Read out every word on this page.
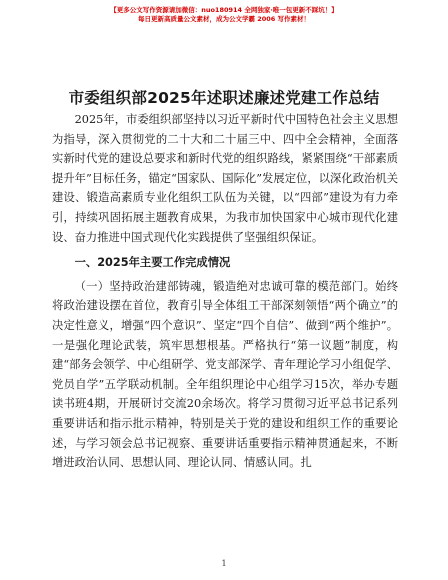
【更多公文写作资源请加微信：nuo180914 全网独家·唯一包更新不踩坑！】
每日更新高质量公文素材，成为公文学霸 2006 写作素材！
市委组织部2025年述职述廉述党建工作总结

2025年，市委组织部坚持以习近平新时代中国特色社会主义思想为指导，深入贯彻党的二十大和二十届三中、四中全会精神，全面落实新时代党的建设总要求和新时代党的组织路线，紧紧围绕“干部素质提升年”目标任务，锚定“国家队、国际化”发展定位，以深化政治机关建设、锻造高素质专业化组织工队伍为关键，以“四部”建设为有力牵引，持续巩固拓展主题教育成果，为我市加快国家中心城市现代化建设、奋力推进中国式现代化实践提供了坚强组织保证。

一、2025年主要工作完成情况

（一）坚持政治建部铸魂，锻造绝对忠诚可靠的模范部门。始终将政治建设摆在首位，教育引导全体组工干部深刻领悟“两个确立”的决定性意义，增强“四个意识”、坚定“四个自信”、做到“两个维护”。一是强化理论武装，筑牢思想根基。严格执行“第一议题”制度，构建“部务会领学、中心组研学、党支部深学、青年理论学习小组促学、党员自学”五学联动机制。全年组织理论中心组学习15次，举办专题读书班4期，开展研讨交流20余场次。将学习贯彻习近平总书记系列重要讲话和指示批示精神，特别是关于党的建设和组织工作的重要论述，与学习领会总书记视察、重要讲话重要指示精神贯通起来，不断增进政治认同、思想认同、理论认同、情感认同。扎

1
